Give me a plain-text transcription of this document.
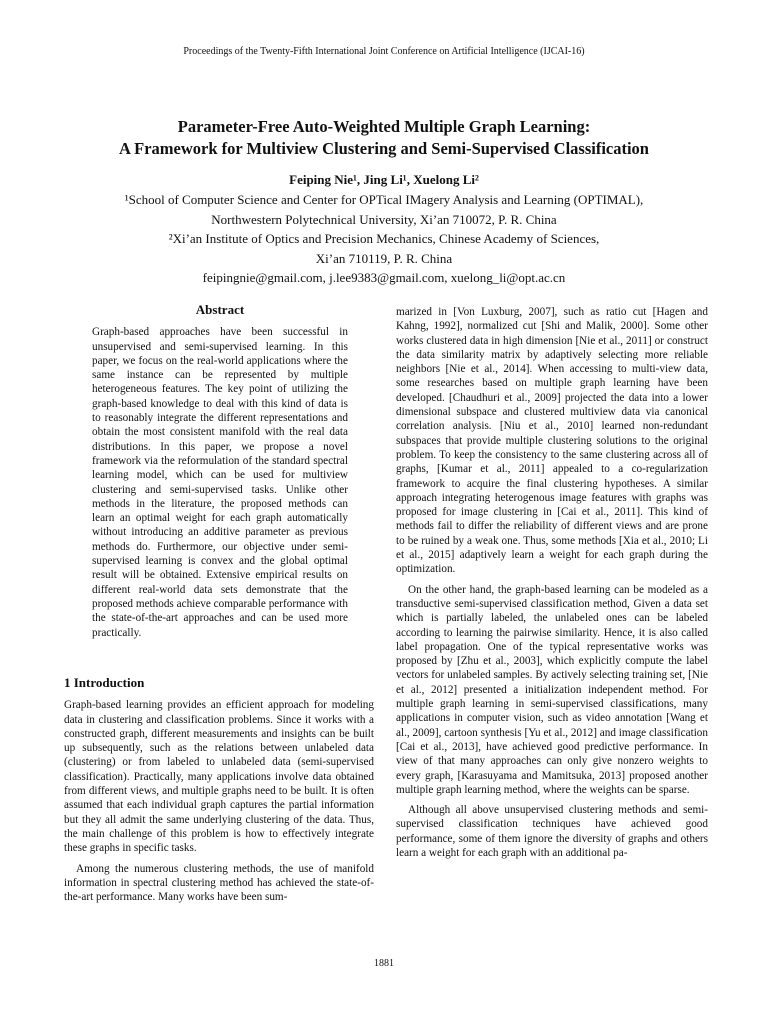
Proceedings of the Twenty-Fifth International Joint Conference on Artificial Intelligence (IJCAI-16)
Parameter-Free Auto-Weighted Multiple Graph Learning:
A Framework for Multiview Clustering and Semi-Supervised Classification
Feiping Nie¹, Jing Li¹, Xuelong Li²
¹School of Computer Science and Center for OPTical IMagery Analysis and Learning (OPTIMAL),
Northwestern Polytechnical University, Xi’an 710072, P. R. China
²Xi’an Institute of Optics and Precision Mechanics, Chinese Academy of Sciences,
Xi’an 710119, P. R. China
feipingnie@gmail.com, j.lee9383@gmail.com, xuelong_li@opt.ac.cn
Abstract

Graph-based approaches have been successful in unsupervised and semi-supervised learning. In this paper, we focus on the real-world applications where the same instance can be represented by multiple heterogeneous features. The key point of utilizing the graph-based knowledge to deal with this kind of data is to reasonably integrate the different representations and obtain the most consistent manifold with the real data distributions. In this paper, we propose a novel framework via the reformulation of the standard spectral learning model, which can be used for multiview clustering and semi-supervised tasks. Unlike other methods in the literature, the proposed methods can learn an optimal weight for each graph automatically without introducing an additive parameter as previous methods do. Furthermore, our objective under semi-supervised learning is convex and the global optimal result will be obtained. Extensive empirical results on different real-world data sets demonstrate that the proposed methods achieve comparable performance with the state-of-the-art approaches and can be used more practically.

1 Introduction

Graph-based learning provides an efficient approach for modeling data in clustering and classification problems. Since it works with a constructed graph, different measurements and insights can be built up subsequently, such as the relations between unlabeled data (clustering) or from labeled to unlabeled data (semi-supervised classification). Practically, many applications involve data obtained from different views, and multiple graphs need to be built. It is often assumed that each individual graph captures the partial information but they all admit the same underlying clustering of the data. Thus, the main challenge of this problem is how to effectively integrate these graphs in specific tasks.

Among the numerous clustering methods, the use of manifold information in spectral clustering method has achieved the state-of-the-art performance. Many works have been sum-

marized in [Von Luxburg, 2007], such as ratio cut [Hagen and Kahng, 1992], normalized cut [Shi and Malik, 2000]. Some other works clustered data in high dimension [Nie et al., 2011] or construct the data similarity matrix by adaptively selecting more reliable neighbors [Nie et al., 2014]. When accessing to multi-view data, some researches based on multiple graph learning have been developed. [Chaudhuri et al., 2009] projected the data into a lower dimensional subspace and clustered multiview data via canonical correlation analysis. [Niu et al., 2010] learned non-redundant subspaces that provide multiple clustering solutions to the original problem. To keep the consistency to the same clustering across all of graphs, [Kumar et al., 2011] appealed to a co-regularization framework to acquire the final clustering hypotheses. A similar approach integrating heterogenous image features with graphs was proposed for image clustering in [Cai et al., 2011]. This kind of methods fail to differ the reliability of different views and are prone to be ruined by a weak one. Thus, some methods [Xia et al., 2010; Li et al., 2015] adaptively learn a weight for each graph during the optimization.

On the other hand, the graph-based learning can be modeled as a transductive semi-supervised classification method, Given a data set which is partially labeled, the unlabeled ones can be labeled according to learning the pairwise similarity. Hence, it is also called label propagation. One of the typical representative works was proposed by [Zhu et al., 2003], which explicitly compute the label vectors for unlabeled samples. By actively selecting training set, [Nie et al., 2012] presented a initialization independent method. For multiple graph learning in semi-supervised classifications, many applications in computer vision, such as video annotation [Wang et al., 2009], cartoon synthesis [Yu et al., 2012] and image classification [Cai et al., 2013], have achieved good predictive performance. In view of that many approaches can only give nonzero weights to every graph, [Karasuyama and Mamitsuka, 2013] proposed another multiple graph learning method, where the weights can be sparse.

Although all above unsupervised clustering methods and semi-supervised classification techniques have achieved good performance, some of them ignore the diversity of graphs and others learn a weight for each graph with an additional pa-

1881
